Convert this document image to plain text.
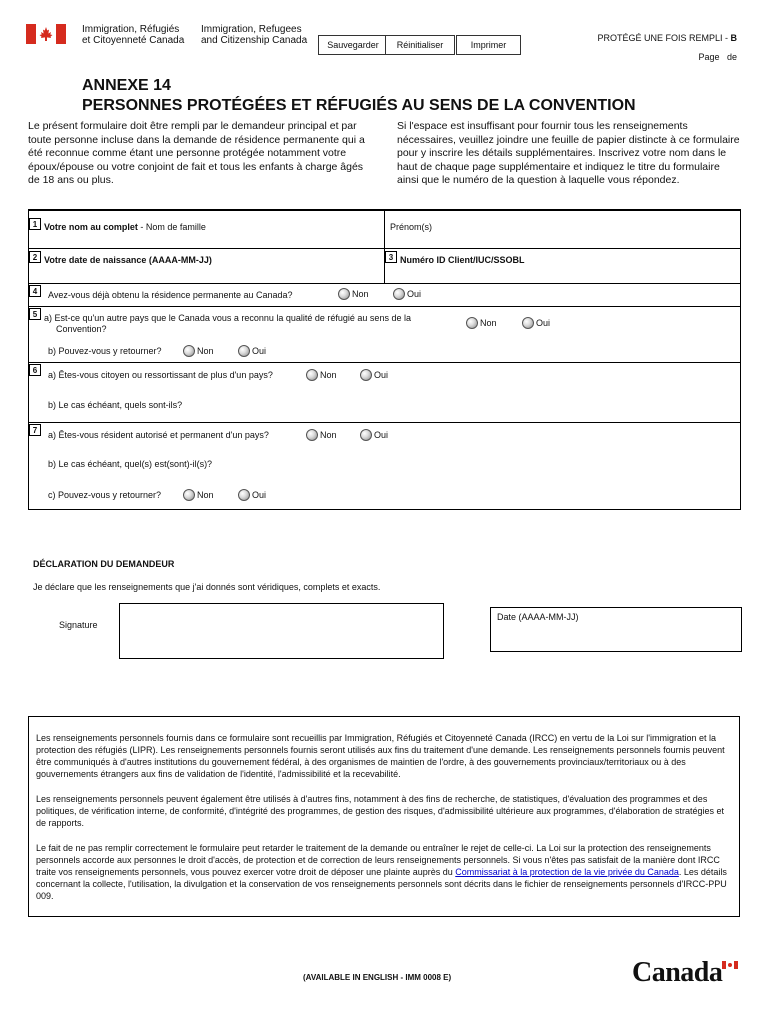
Immigration, Réfugiés
et Citoyenneté Canada
Immigration, Refugees
and Citizenship Canada	Sauvegarder	Réinitialiser	Imprimer
PROTÉGÉ UNE FOIS REMPLI - B
Page de
ANNEXE 14
PERSONNES PROTÉGÉES ET RÉFUGIÉS AU SENS DE LA CONVENTION
Le présent formulaire doit être rempli par le demandeur principal et par toute personne incluse dans la demande de résidence permanente qui a été reconnue comme étant une personne protégée notamment votre époux/épouse ou votre conjoint de fait et tous les enfants à charge âgés de 18 ans ou plus.
Si l'espace est insuffisant pour fournir tous les renseignements nécessaires, veuillez joindre une feuille de papier distincte à ce formulaire pour y inscrire les détails supplémentaires. Inscrivez votre nom dans le haut de chaque page supplémentaire et indiquez le titre du formulaire ainsi que le numéro de la question à laquelle vous répondez.
1 Votre nom au complet - Nom de famille	Prénom(s)
2 Votre date de naissance (AAAA-MM-JJ)	3 Numéro ID Client/IUC/SSOBL
4	Avez-vous déjà obtenu la résidence permanente au Canada?	Non	Oui
5 a) Est-ce qu'un autre pays que le Canada vous a reconnu la qualité de réfugié au sens de la
Convention?
Non	Oui
b) Pouvez-vous y retourner?	Non	Oui
6	a) Êtes-vous citoyen ou ressortissant de plus d'un pays?	Non	Oui
b) Le cas échéant, quels sont-ils?
7	a) Êtes-vous résident autorisé et permanent d'un pays?	Non	Oui
b) Le cas échéant, quel(s) est(sont)-il(s)?
c) Pouvez-vous y retourner?	Non	Oui
DÉCLARATION DU DEMANDEUR
Je déclare que les renseignements que j'ai donnés sont véridiques, complets et exacts.
Signature
Date (AAAA-MM-JJ)
Les renseignements personnels fournis dans ce formulaire sont recueillis par Immigration, Réfugiés et Citoyenneté Canada (IRCC) en vertu de la Loi sur l'immigration et la protection des réfugiés (LIPR). Les renseignements personnels fournis seront utilisés aux fins du traitement d'une demande. Les renseignements personnels fournis peuvent être communiqués à d'autres institutions du gouvernement fédéral, à des organismes de maintien de l'ordre, à des gouvernements provinciaux/territoriaux ou à des gouvernements étrangers aux fins de validation de l'identité, l'admissibilité et la recevabilité.
Les renseignements personnels peuvent également être utilisés à d'autres fins, notamment à des fins de recherche, de statistiques, d'évaluation des programmes et des politiques, de vérification interne, de conformité, d'intégrité des programmes, de gestion des risques, d'admissibilité ultérieure aux programmes, d'élaboration de stratégies et de rapports.
Le fait de ne pas remplir correctement le formulaire peut retarder le traitement de la demande ou entraîner le rejet de celle-ci. La Loi sur la protection des renseignements personnels accorde aux personnes le droit d'accès, de protection et de correction de leurs renseignements personnels. Si vous n'êtes pas satisfait de la manière dont IRCC traite vos renseignements personnels, vous pouvez exercer votre droit de déposer une plainte auprès du Commissariat à la protection de la vie privée du Canada. Les détails concernant la collecte, l'utilisation, la divulgation et la conservation de vos renseignements personnels sont décrits dans le fichier de renseignements personnels d'IRCC-PPU 009.
(AVAILABLE IN ENGLISH - IMM 0008 E)	Canada
